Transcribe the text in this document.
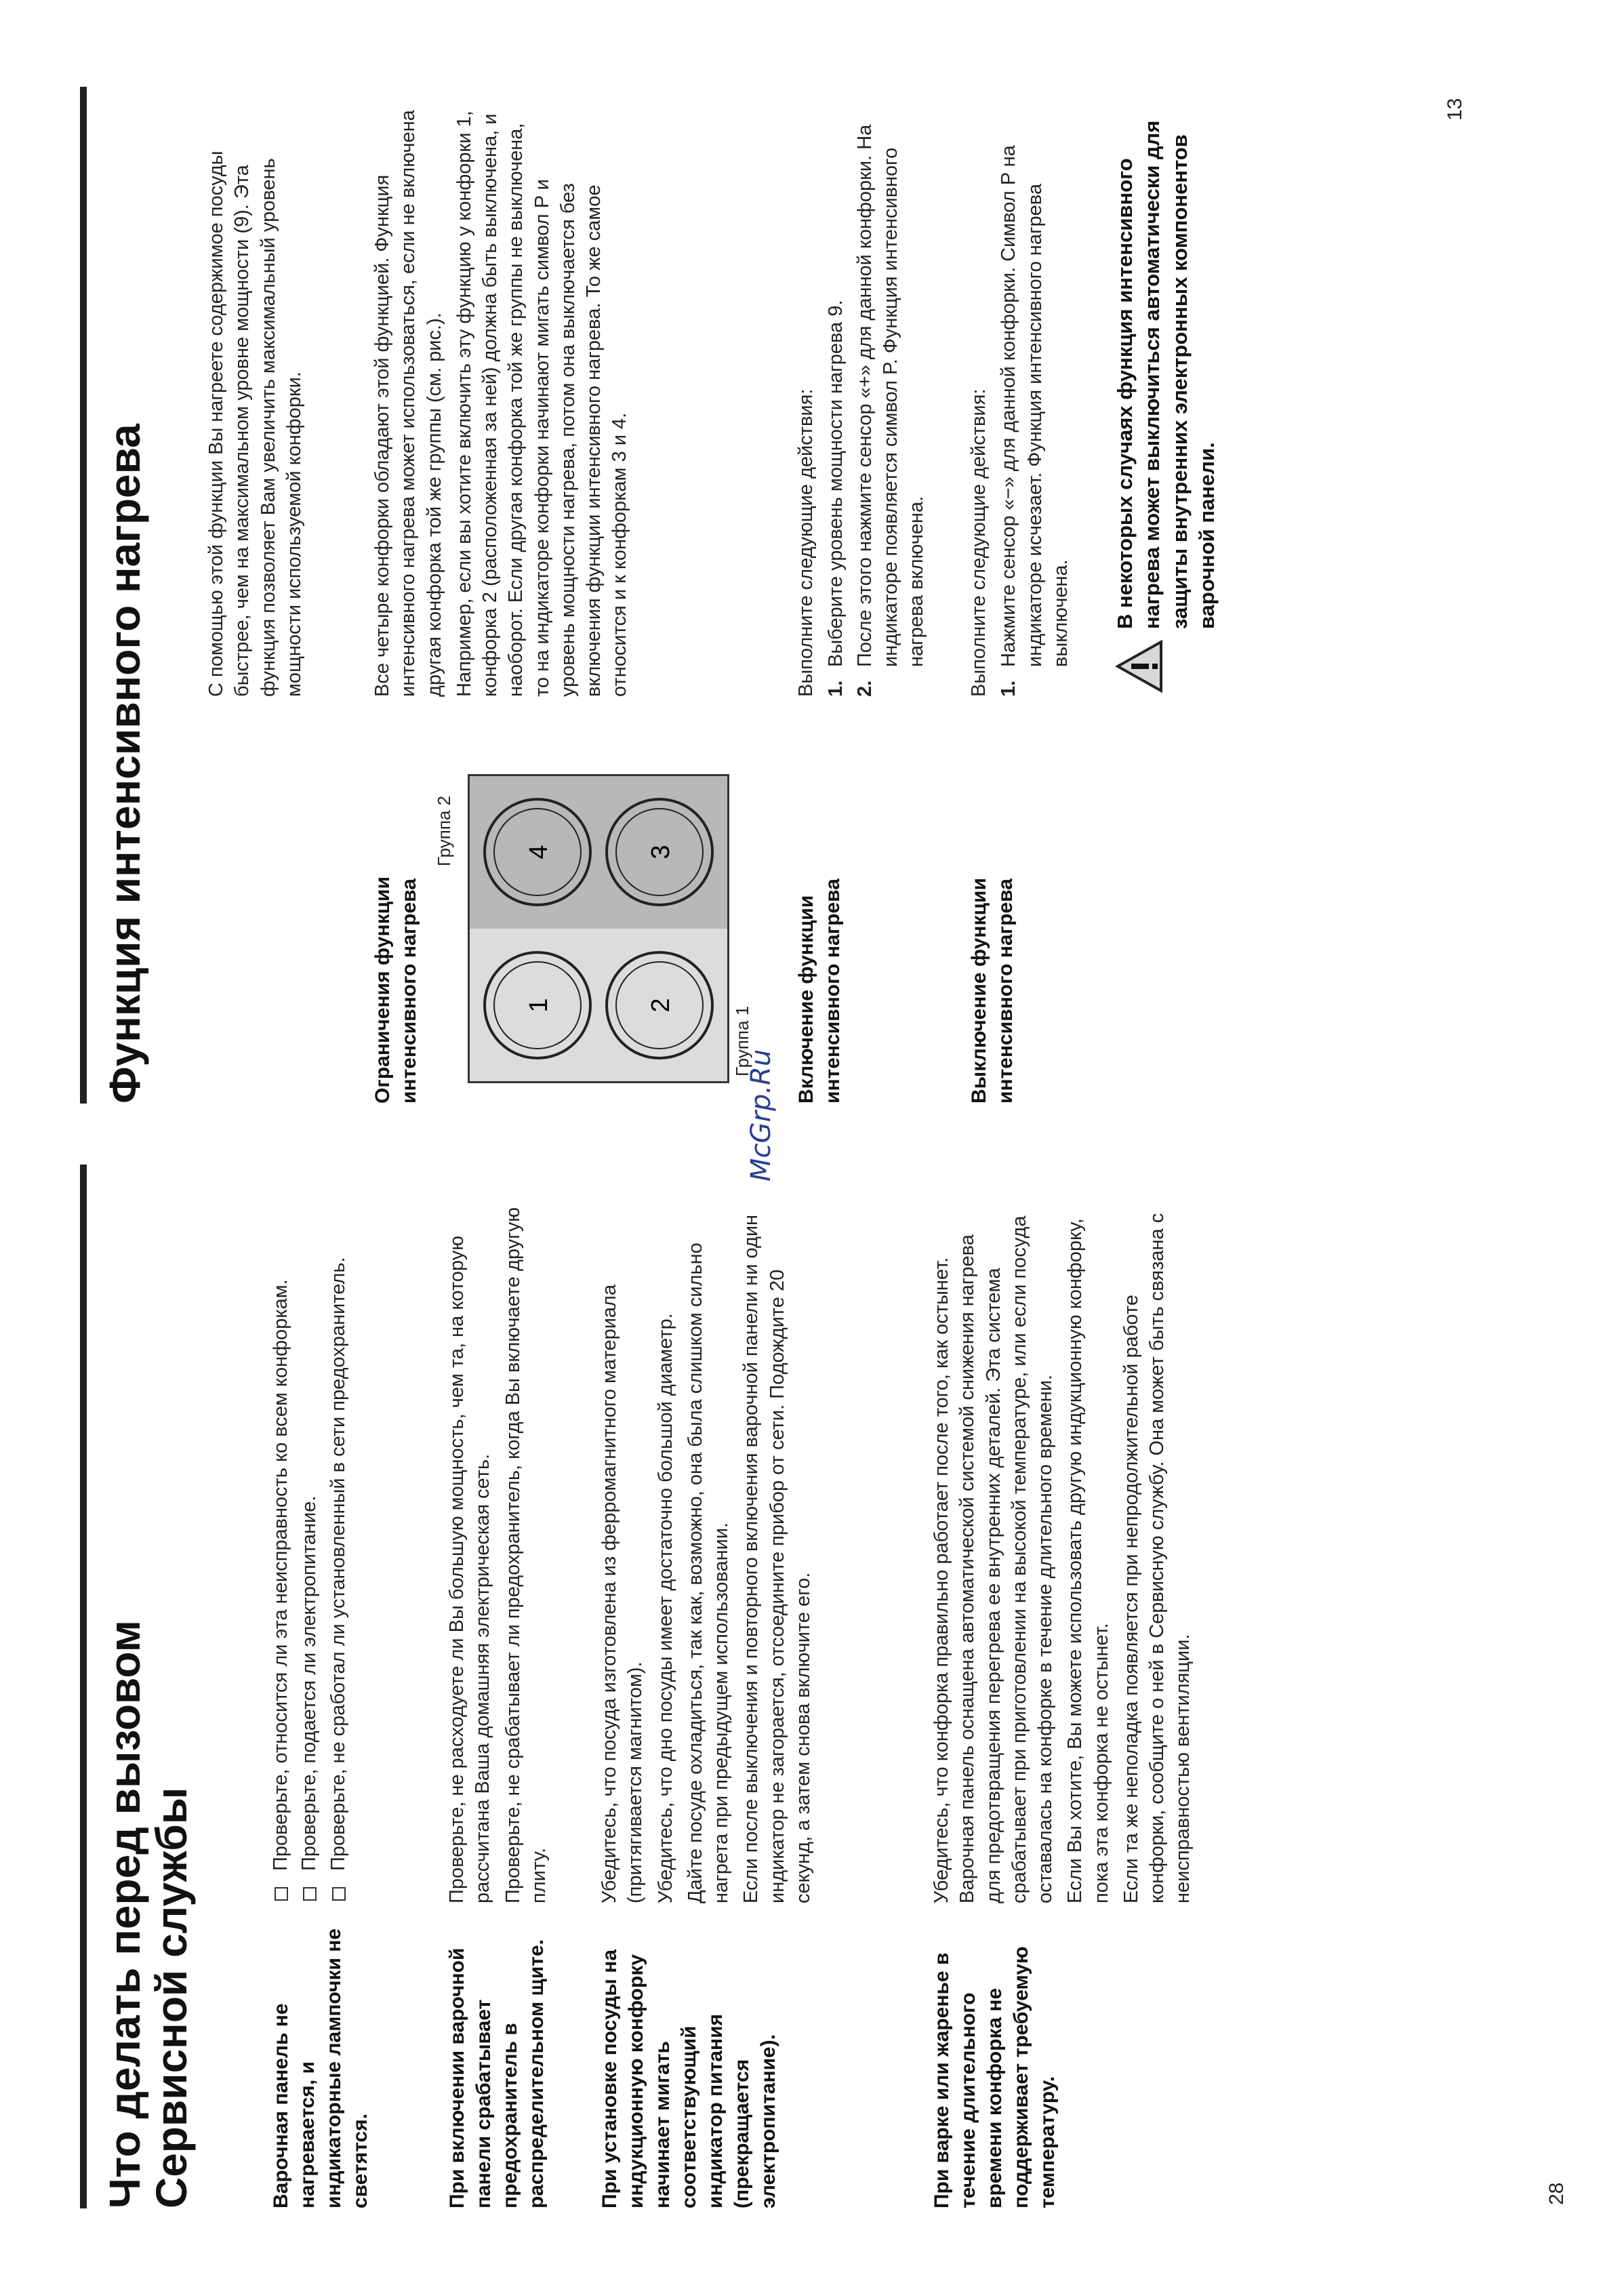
Что делать перед вызовом
Сервисной службы	Варочная панель не нагревается, и индикаторные лампочки не светятся.
Проверьте, относится ли эта неисправность ко всем конфоркам. Проверьте, подается ли электропитание. Проверьте, не сработал ли установленный в сети предохранитель.
При включении варочной панели срабатывает предохранитель в распределительном щите.

Проверьте, не расходуете ли Вы большую мощность, чем та, на которую рассчитана Ваша домашняя электрическая сеть. Проверьте, не срабатывает ли предохранитель, когда Вы включаете другую плиту.

При установке посуды на индукционную конфорку начинает мигать соответствующий индикатор питания (прекращается электропитание).

Убедитесь, что посуда изготовлена из ферромагнитного материала (притягивается магнитом). Убедитесь, что дно посуды имеет достаточно большой диаметр. Дайте посуде охладиться, так как, возможно, она была слишком сильно нагрета при предыдущем использовании. Если после выключения и повторного включения варочной панели ни один индикатор не загорается, отсоедините прибор от сети. Подождите 20 секунд, а затем снова включите его.

При варке или жаренье в течение длительного времени конфорка не поддерживает требуемую температуру.

Убедитесь, что конфорка правильно работает после того, как остынет. Варочная панель оснащена автоматической системой снижения нагрева для предотвращения перегрева ее внутренних деталей. Эта система срабатывает при приготовлении на высокой температуре, или если посуда оставалась на конфорке в течение длительного времени. Если Вы хотите, Вы можете использовать другую индукционную конфорку, пока эта конфорка не остынет. Если та же неполадка появляется при непродолжительной работе конфорки, сообщите о ней в Сервисную службу. Она может быть связана с неисправностью вентиляции.

28
McGrp.Ru
Функция интенсивного нагрева
С помощью этой функции Вы нагреете содержимое посуды быстрее, чем на максимальном уровне мощности (9). Эта функция позволяет Вам увеличить максимальный уровень мощности используемой конфорки.
Ограничения функции интенсивного нагрева

Все четыре конфорки обладают этой функцией. Функция интенсивного нагрева может использоваться, если не включена другая конфорка той же группы (см. рис.). Например, если вы хотите включить эту функцию у конфорки 1, конфорка 2 (расположенная за ней) должна быть выключена, и наоборот. Если другая конфорка той же группы не выключена, то на индикаторе конфорки начинают мигать символ P и уровень мощности нагрева, потом она выключается без включения функции интенсивного нагрева. То же самое относится и к конфоркам 3 и 4.

Группа 2
1	2
3
4
Группа 1 Включение функции интенсивного нагрева

Выполните следующие действия: 1.
Выберите уровень мощности нагрева 9.
2.
После этого нажмите сенсор «+» для данной конфорки. На индикаторе появляется символ P. Функция интенсивного нагрева включена.
Выключение функции интенсивного нагрева

Выполните следующие действия: 1.
Нажмите сенсор «−» для данной конфорки. Символ P на индикаторе исчезает. Функция интенсивного нагрева выключена. В некоторых случаях функция интенсивного нагрева может выключиться автоматически для защиты внутренних электронных компонентов варочной панели.
13
